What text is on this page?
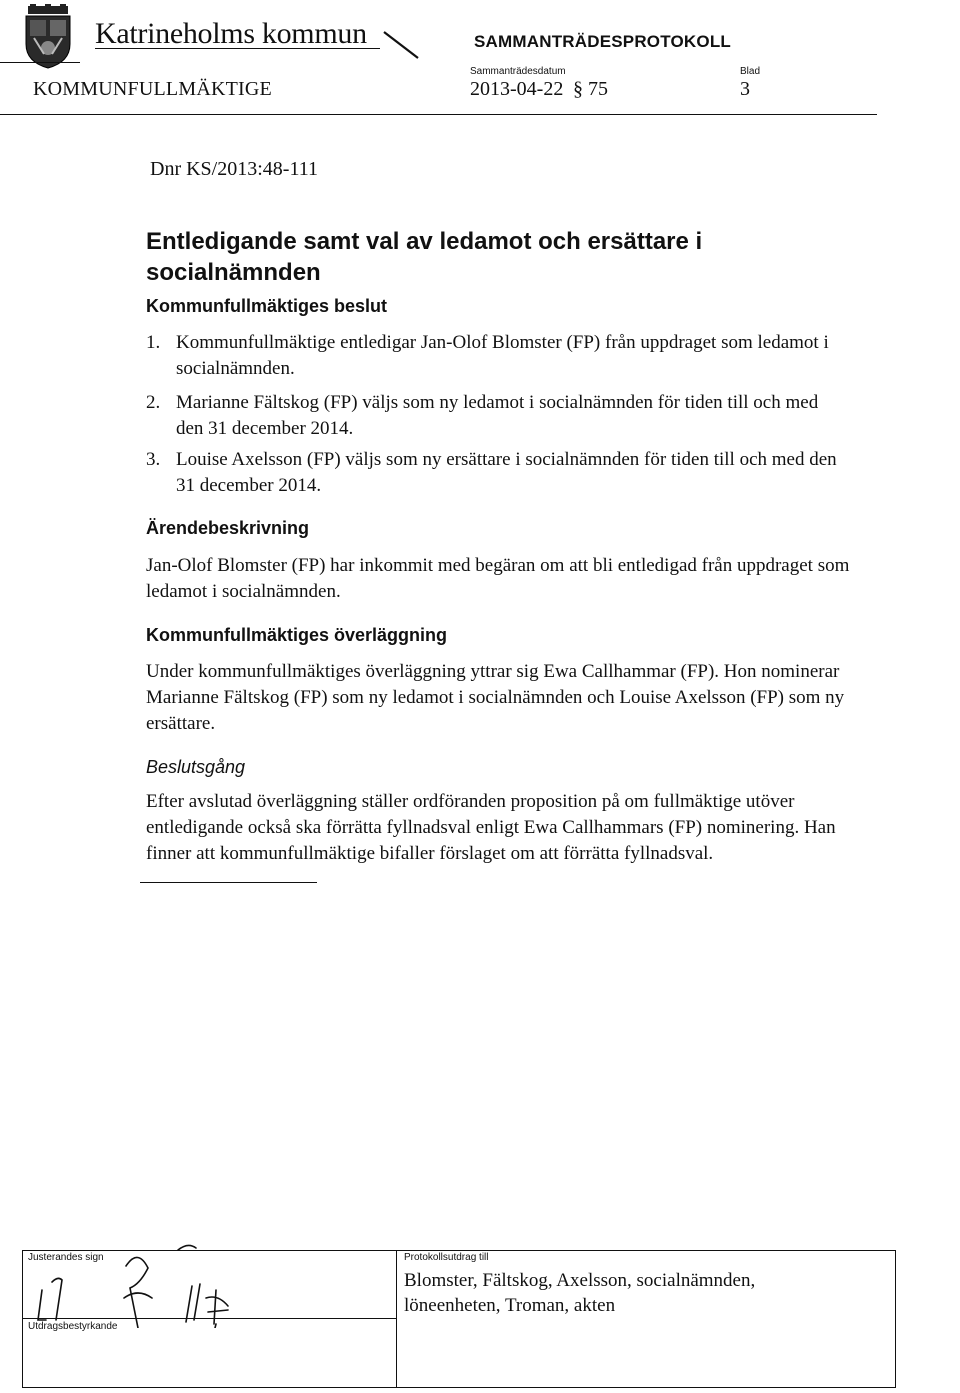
Katrineholms kommun	SAMMANTRÄDESPROTOKOLL
Sammanträdesdatum	Blad
KOMMUNFULLMÄKTIGE	2013-04-22 § 75	3
Dnr KS/2013:48-111
Entledigande samt val av ledamot och ersättare i socialnämnden
Kommunfullmäktiges beslut
1. Kommunfullmäktige entledigar Jan-Olof Blomster (FP) från uppdraget som ledamot i socialnämnden.
2. Marianne Fältskog (FP) väljs som ny ledamot i socialnämnden för tiden till och med den 31 december 2014.
3. Louise Axelsson (FP) väljs som ny ersättare i socialnämnden för tiden till och med den 31 december 2014.
Ärendebeskrivning
Jan-Olof Blomster (FP) har inkommit med begäran om att bli entledigad från uppdraget som ledamot i socialnämnden.
Kommunfullmäktiges överläggning
Under kommunfullmäktiges överläggning yttrar sig Ewa Callhammar (FP). Hon nominerar Marianne Fältskog (FP) som ny ledamot i socialnämnden och Louise Axelsson (FP) som ny ersättare.
Beslutsgång
Efter avslutad överläggning ställer ordföranden proposition på om fullmäktige utöver entledigande också ska förrätta fyllnadsval enligt Ewa Callhammars (FP) nominering. Han finner att kommunfullmäktige bifaller förslaget om att förrätta fyllnadsval.
Justerandes sign
Utdragsbestyrkande
Protokollsutdrag till
Blomster, Fältskog, Axelsson, socialnämnden,
löneenheten, Troman, akten
